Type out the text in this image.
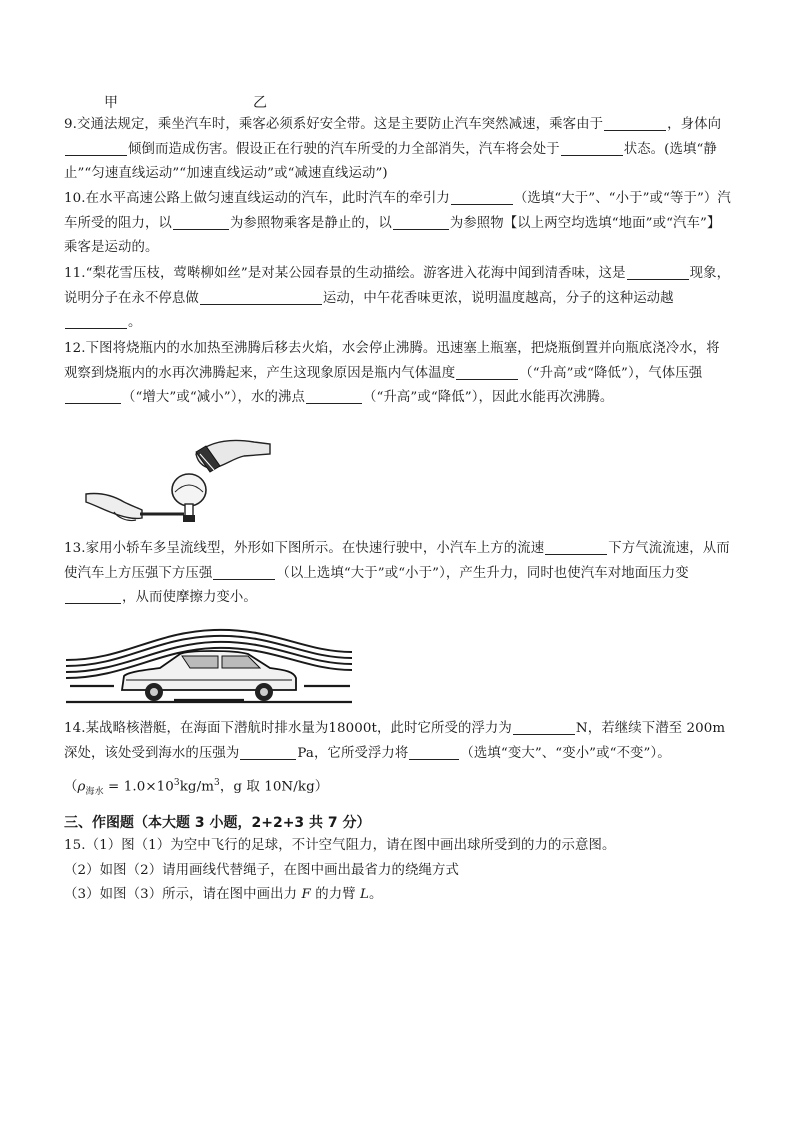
甲	乙
9.交通法规定，乘坐汽车时，乘客必须系好安全带。这是主要防止汽车突然减速，乘客由于	，身体向倾倒而造成伤害。假设正在行驶的汽车所受的力全部消失，汽车将会处于	状态。(选填“静止”“匀速直线运动”“加速直线运动”或“减速直线运动”)
10.在水平高速公路上做匀速直线运动的汽车，此时汽车的牵引力	（选填“大于”、“小于”或“等于”）汽车所受的阻力，以	为参照物乘客是静止的，以	为参照物【以上两空均选填“地面”或“汽车”】乘客是运动的。
11.“梨花雪压枝，莺啭柳如丝”是对某公园春景的生动描绘。游客进入花海中闻到清香味，这是	现象，说明分子在永不停息做	运动，中午花香味更浓，说明温度越高，分子的这种运动越。
12.下图将烧瓶内的水加热至沸腾后移去火焰，水会停止沸腾。迅速塞上瓶塞，把烧瓶倒置并向瓶底浇冷水，将观察到烧瓶内的水再次沸腾起来，产生这现象原因是瓶内气体温度	（“升高”或“降低”），气体压强（“增大”或“减小”），水的沸点	（“升高”或“降低”），因此水能再次沸腾。
13.家用小轿车多呈流线型，外形如下图所示。在快速行驶中，小汽车上方的流速	下方气流流速，从而使汽车上方压强下方压强	（以上选填“大于”或“小于”），产生升力，同时也使汽车对地面压力变，从而使摩擦力变小。
14.某战略核潜艇，在海面下潜航时排水量为18000t，此时它所受的浮力为	N，若继续下潜至 200m 深处，该处受到海水的压强为	Pa，它所受浮力将	（选填“变大”、“变小”或“不变”）。
（$\rho_{海水} = 1.0\times 10^3kg/m^3$，g 取 10N/kg）
三、作图题（本大题 3 小题，2+2+3 共 7 分）
15.（1）图（1）为空中飞行的足球，不计空气阻力，请在图中画出球所受到的力的示意图。
（2）如图（2）请用画线代替绳子，在图中画出最省力的绕绳方式
（3）如图（3）所示，请在图中画出力 F 的力臂 L。
